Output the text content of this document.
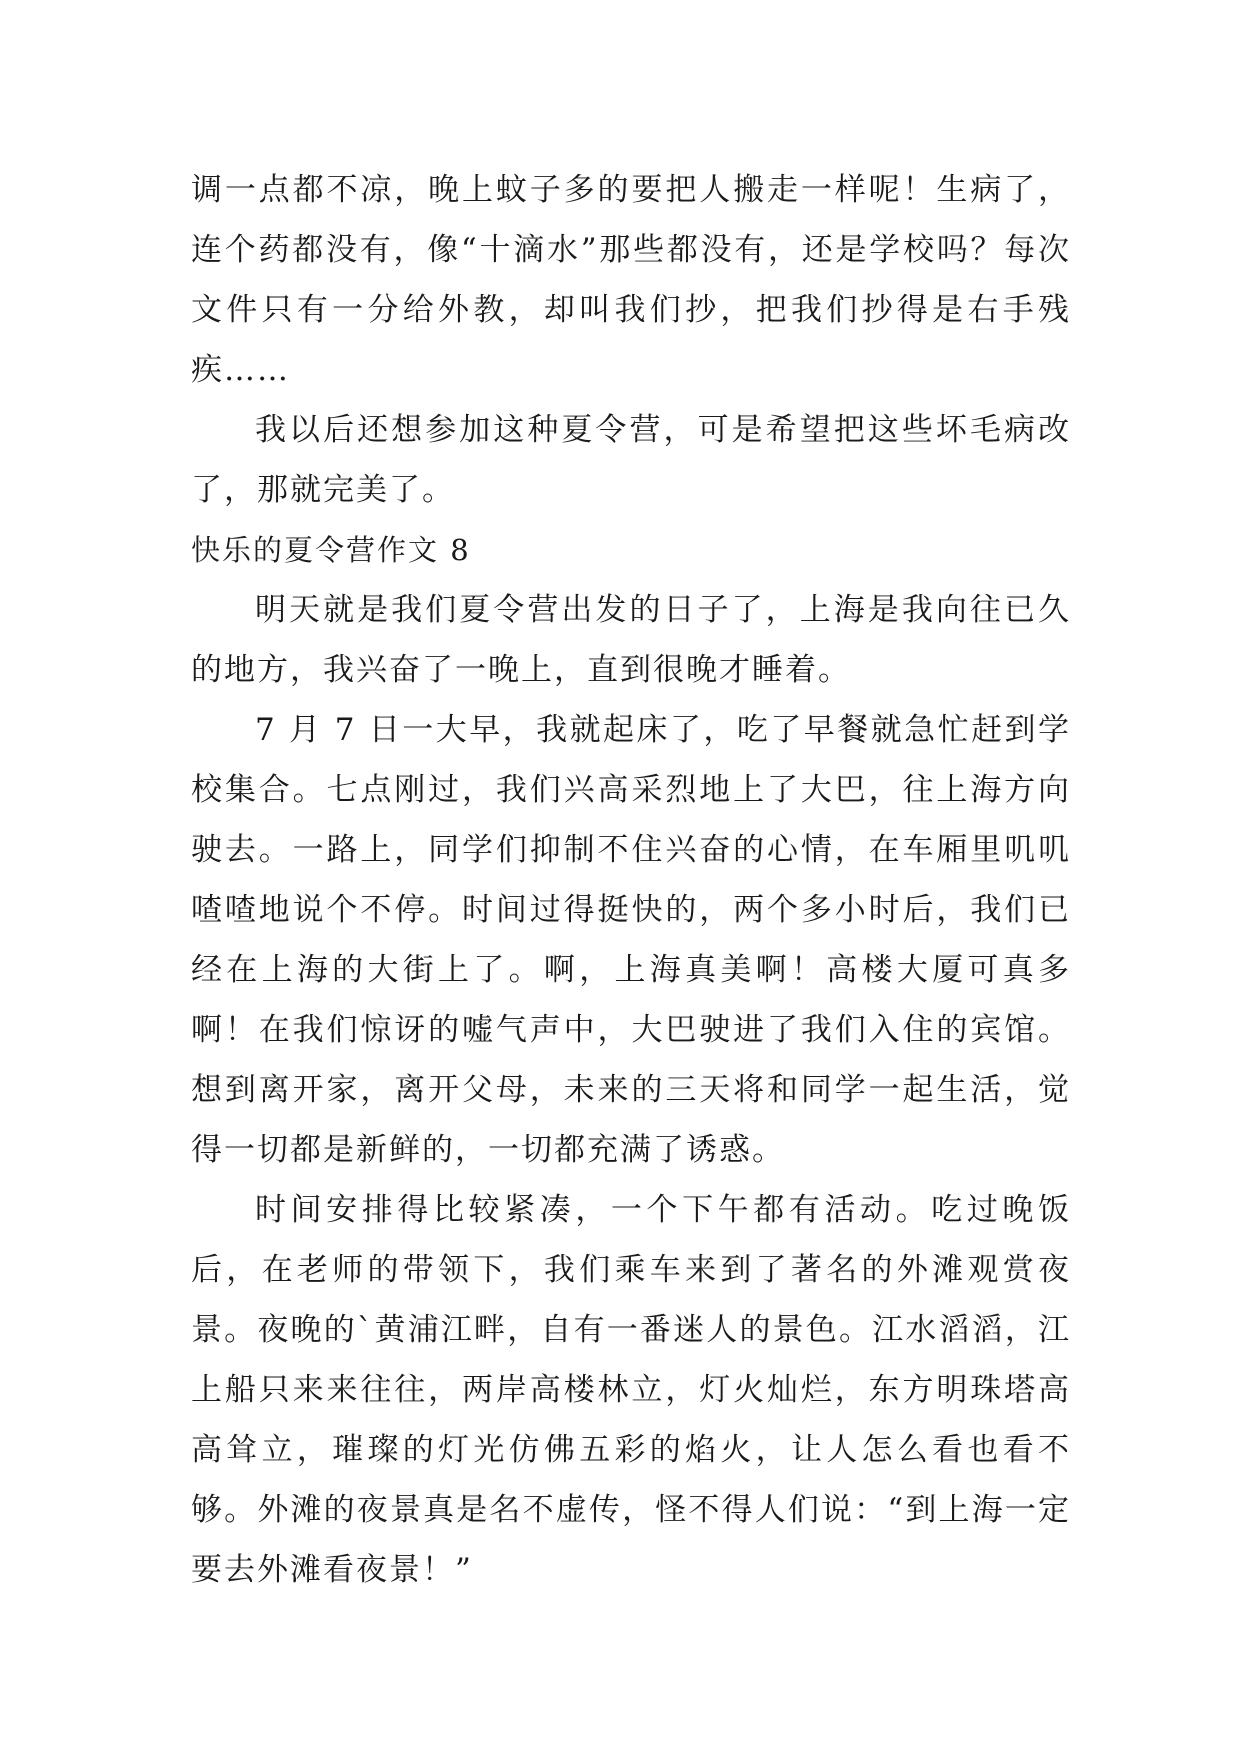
调一点都不凉，晚上蚊子多的要把人搬走一样呢！生病了，连个药都没有，像“十滴水”那些都没有，还是学校吗？每次文件只有一分给外教，却叫我们抄，把我们抄得是右手残疾……

我以后还想参加这种夏令营，可是希望把这些坏毛病改了，那就完美了。

快乐的夏令营作文 8

明天就是我们夏令营出发的日子了，上海是我向往已久的地方，我兴奋了一晚上，直到很晚才睡着。

7 月 7 日一大早，我就起床了，吃了早餐就急忙赶到学校集合。七点刚过，我们兴高采烈地上了大巴，往上海方向驶去。一路上，同学们抑制不住兴奋的心情，在车厢里叽叽喳喳地说个不停。时间过得挺快的，两个多小时后，我们已经在上海的大街上了。啊，上海真美啊！高楼大厦可真多啊！在我们惊讶的嘘气声中，大巴驶进了我们入住的宾馆。想到离开家，离开父母，未来的三天将和同学一起生活，觉得一切都是新鲜的，一切都充满了诱惑。

时间安排得比较紧凑，一个下午都有活动。吃过晚饭后，在老师的带领下，我们乘车来到了著名的外滩观赏夜景。夜晚的`黄浦江畔，自有一番迷人的景色。江水滔滔，江上船只来来往往，两岸高楼林立，灯火灿烂，东方明珠塔高高耸立，璀璨的灯光仿佛五彩的焰火，让人怎么看也看不够。外滩的夜景真是名不虚传，怪不得人们说：“到上海一定要去外滩看夜景！”
